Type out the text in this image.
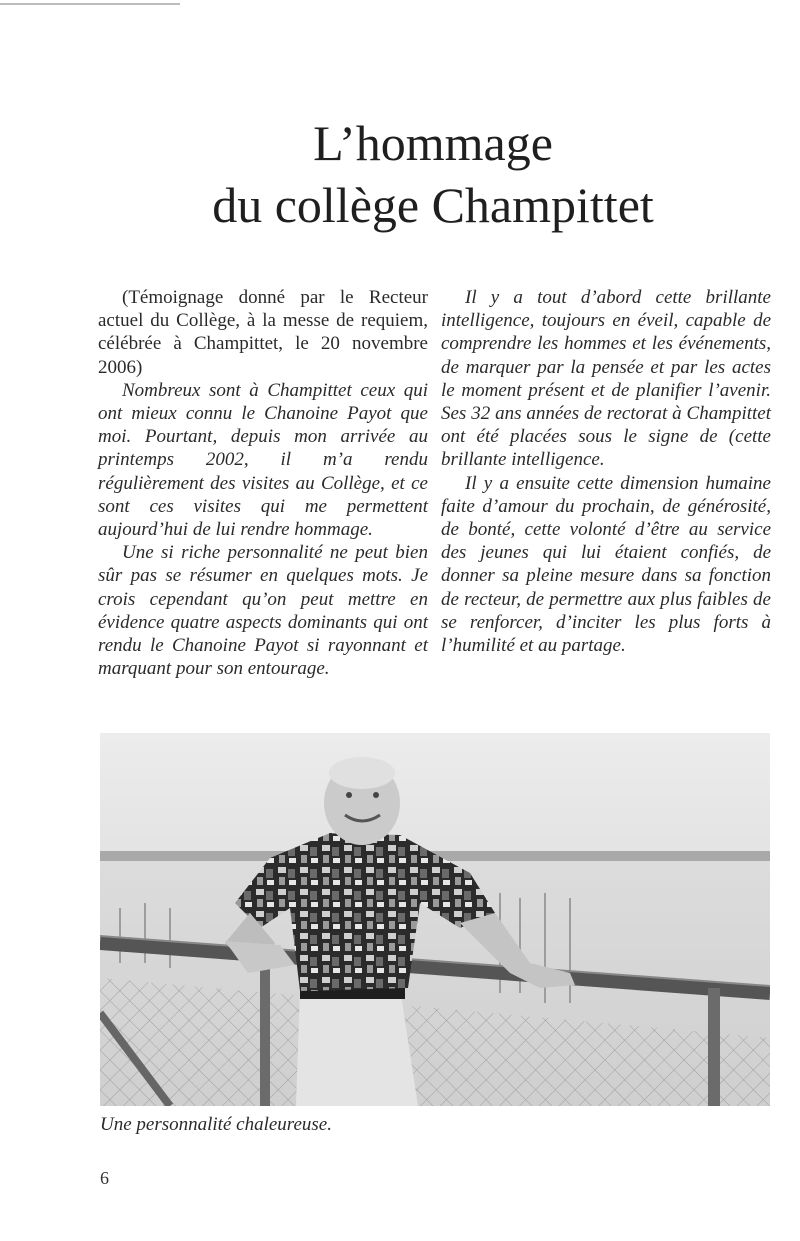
L’hommage
du collège Champittet

(Témoignage donné par le Recteur actuel du Collège, à la messe de requiem, célébrée à Champittet, le 20 novembre 2006)

Nombreux sont à Champittet ceux qui ont mieux connu le Chanoine Payot que moi. Pourtant, depuis mon arrivée au printemps 2002, il m’a rendu régulièrement des visites au Collège, et ce sont ces visites qui me permettent aujourd’hui de lui rendre hommage.

Une si riche personnalité ne peut bien sûr pas se résumer en quelques mots. Je crois cependant qu’on peut mettre en évidence quatre aspects dominants qui ont rendu le Chanoine Payot si rayonnant et marquant pour son entourage.

Il y a tout d’abord cette brillante intelligence, toujours en éveil, capable de comprendre les hommes et les événements, de marquer par la pensée et par les actes le moment présent et de planifier l’avenir. Ses 32 ans années de rectorat à Champittet ont été placées sous le signe de (cette brillante intelligence.

Il y a ensuite cette dimension humaine faite d’amour du prochain, de générosité, de bonté, cette volonté d’être au service des jeunes qui lui étaient confiés, de donner sa pleine mesure dans sa fonction de recteur, de permettre aux plus faibles de se renforcer, d’inciter les plus forts à l’humilité et au partage.

Une personnalité chaleureuse.
6
